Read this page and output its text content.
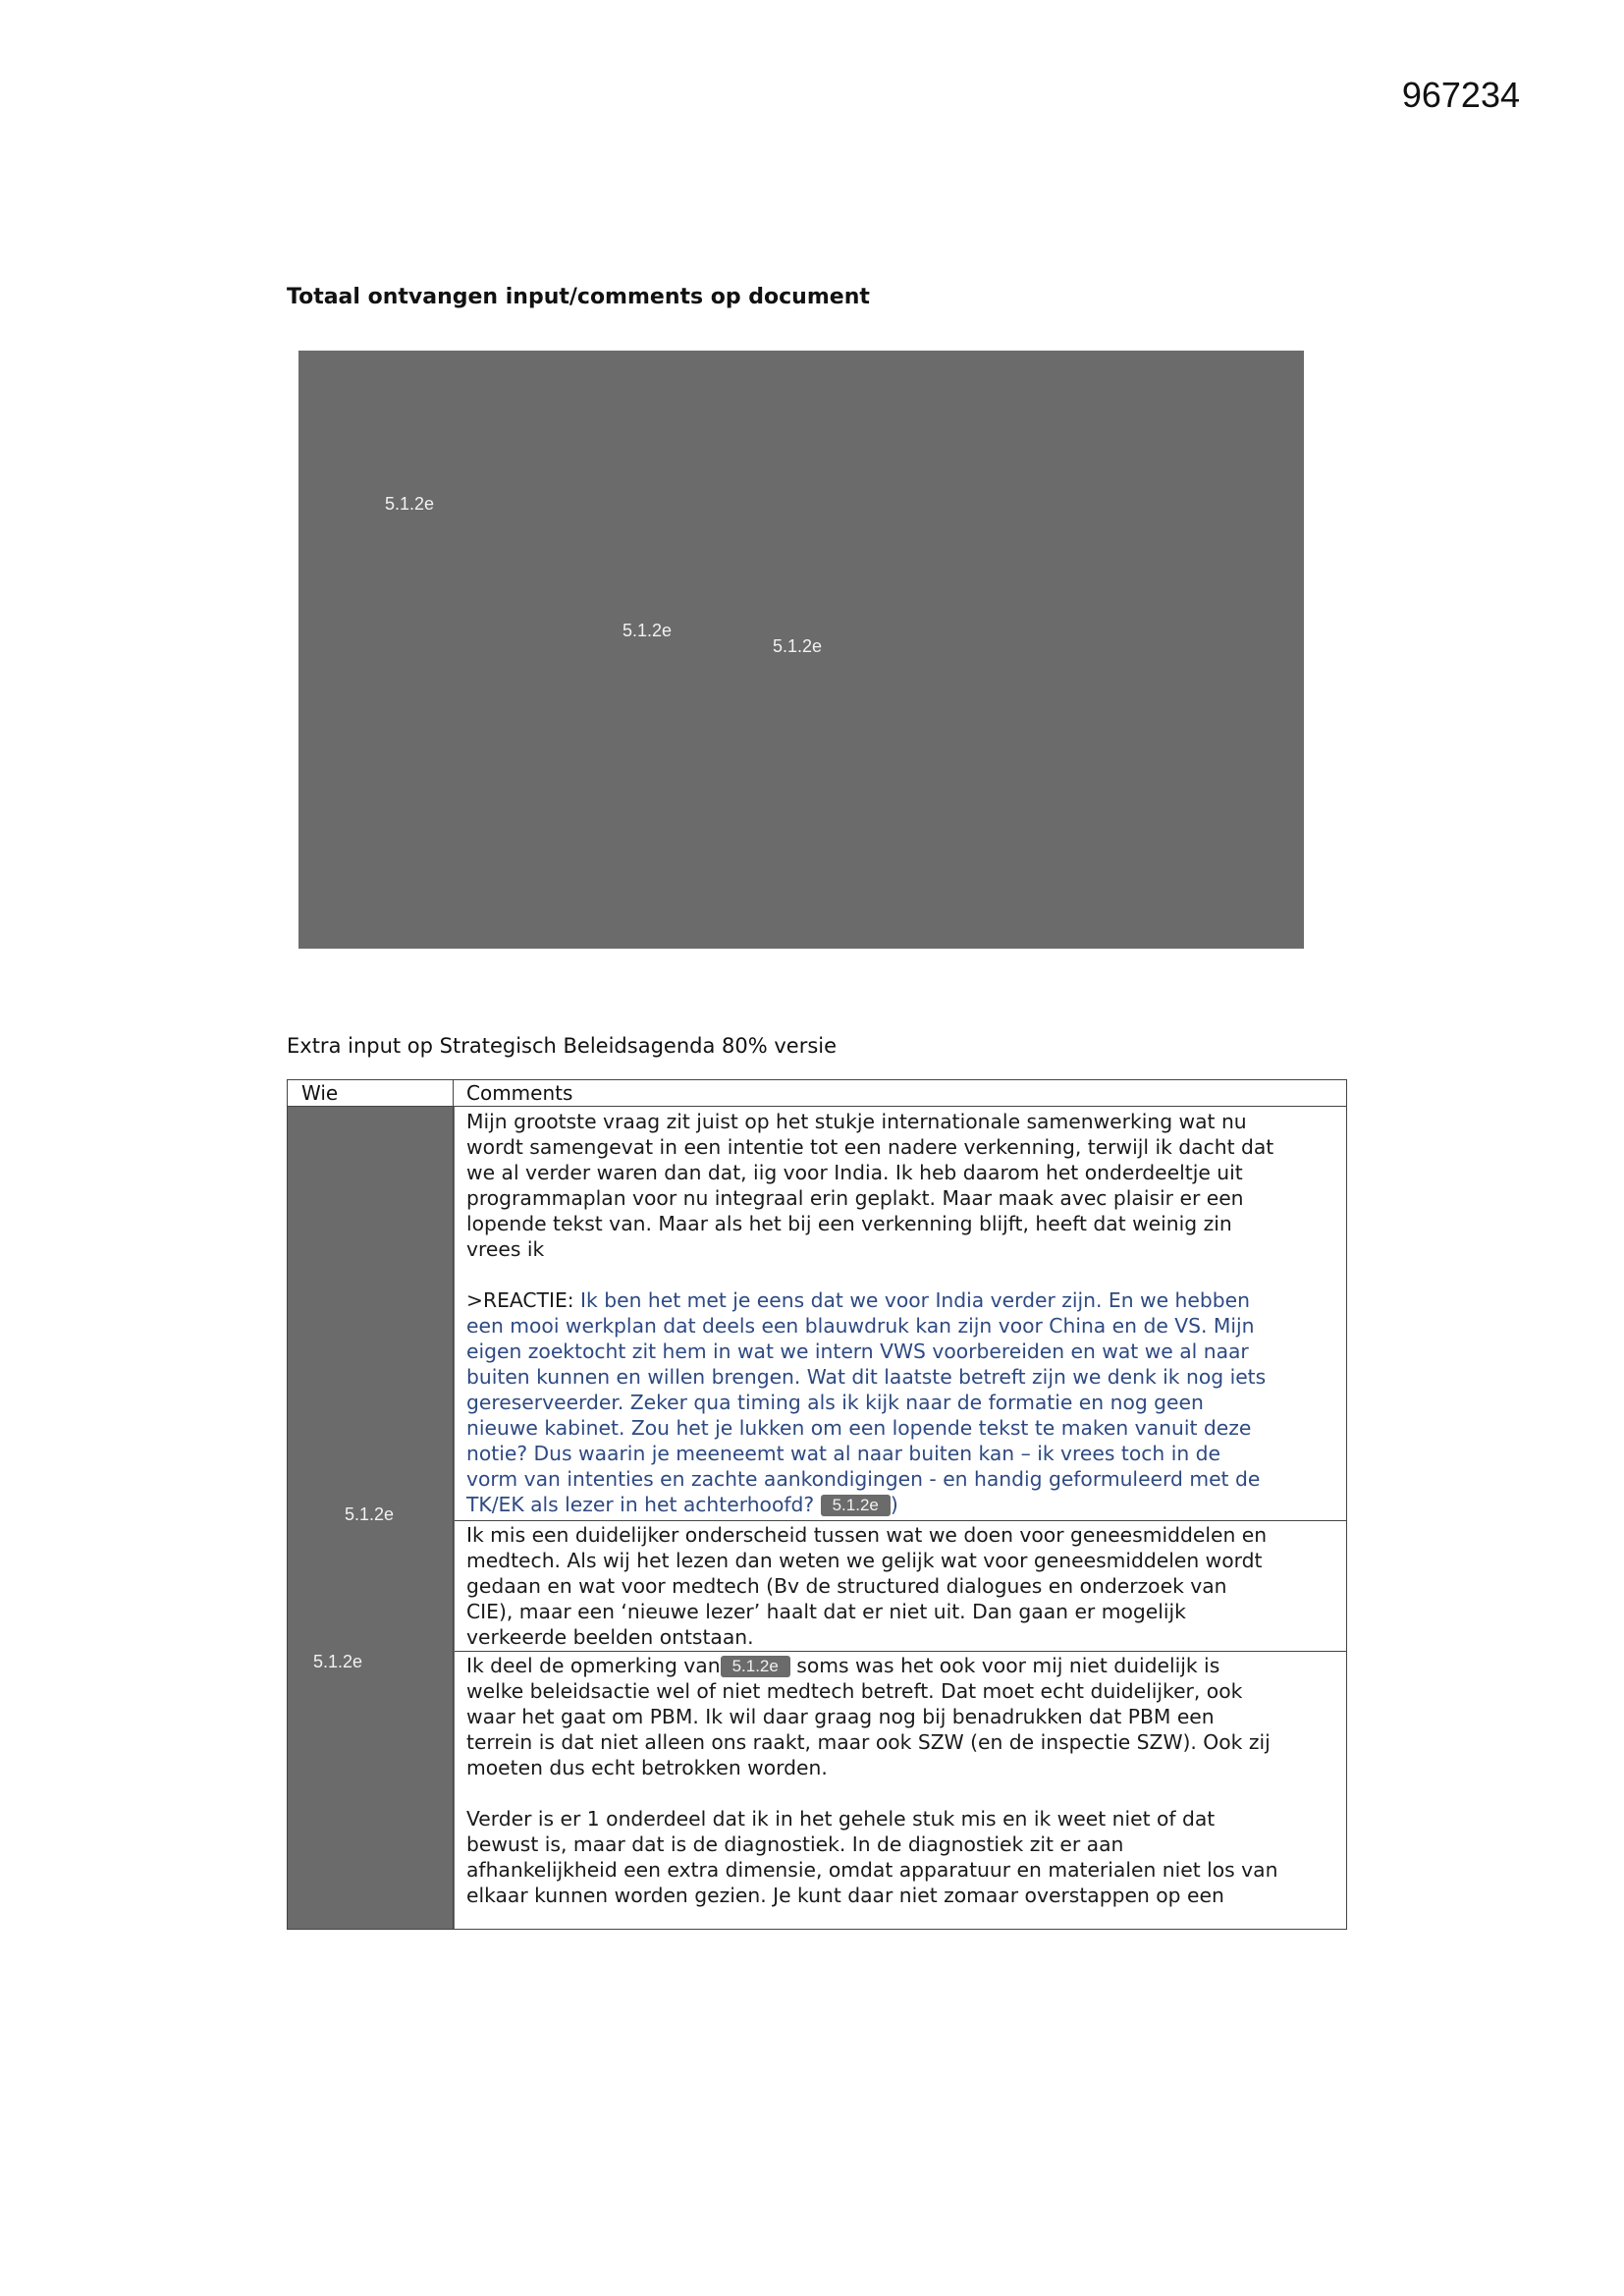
967234
Totaal ontvangen input/comments op document
5.1.2e
5.1.2e
5.1.2e
Extra input op Strategisch Beleidsagenda 80% versie
Wie	Comments
5.1.2e
5.1.2e

Mijn grootste vraag zit juist op het stukje internationale samenwerking wat nu

wordt samengevat in een intentie tot een nadere verkenning, terwijl ik dacht dat

we al verder waren dan dat, iig voor India. Ik heb daarom het onderdeeltje uit

programmaplan voor nu integraal erin geplakt. Maar maak avec plaisir er een

lopende tekst van. Maar als het bij een verkenning blijft, heeft dat weinig zin

vrees ik

>REACTIE: Ik ben het met je eens dat we voor India verder zijn. En we hebben

een mooi werkplan dat deels een blauwdruk kan zijn voor China en de VS. Mijn

eigen zoektocht zit hem in wat we intern VWS voorbereiden en wat we al naar

buiten kunnen en willen brengen. Wat dit laatste betreft zijn we denk ik nog iets

gereserveerder. Zeker qua timing als ik kijk naar de formatie en nog geen

nieuwe kabinet. Zou het je lukken om een lopende tekst te maken vanuit deze

notie? Dus waarin je meeneemt wat al naar buiten kan – ik vrees toch in de

vorm van intenties en zachte aankondigingen - en handig geformuleerd met de

TK/EK als lezer in het achterhoofd? 5.1.2e )

Ik mis een duidelijker onderscheid tussen wat we doen voor geneesmiddelen en

medtech. Als wij het lezen dan weten we gelijk wat voor geneesmiddelen wordt

gedaan en wat voor medtech (Bv de structured dialogues en onderzoek van

CIE), maar een ‘nieuwe lezer’ haalt dat er niet uit. Dan gaan er mogelijk

verkeerde beelden ontstaan.

Ik deel de opmerking van 5.1.2e soms was het ook voor mij niet duidelijk is

welke beleidsactie wel of niet medtech betreft. Dat moet echt duidelijker, ook

waar het gaat om PBM. Ik wil daar graag nog bij benadrukken dat PBM een

terrein is dat niet alleen ons raakt, maar ook SZW (en de inspectie SZW). Ook zij

moeten dus echt betrokken worden.

Verder is er 1 onderdeel dat ik in het gehele stuk mis en ik weet niet of dat

bewust is, maar dat is de diagnostiek. In de diagnostiek zit er aan

afhankelijkheid een extra dimensie, omdat apparatuur en materialen niet los van

elkaar kunnen worden gezien. Je kunt daar niet zomaar overstappen op een
